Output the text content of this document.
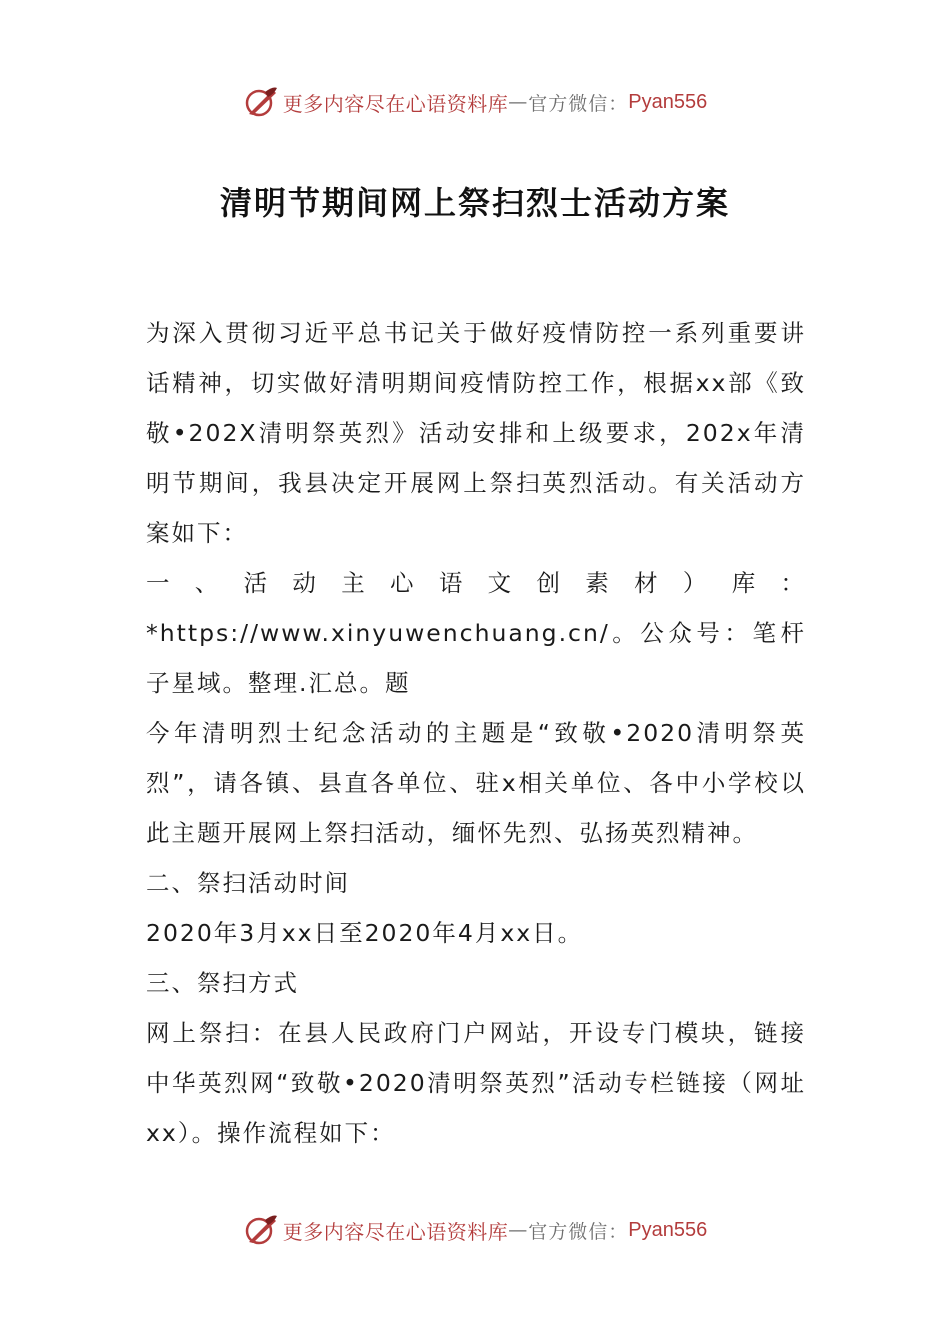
更多内容尽在心语资料库 — 官方微信： Pyan556
清明节期间网上祭扫烈士活动方案

为深入贯彻习近平总书记关于做好疫情防控一系列重要讲话精神，切实做好清明期间疫情防控工作，根据xx部《致敬•202X清明祭英烈》活动安排和上级要求，202x年清明节期间，我县决定开展网上祭扫英烈活动。有关活动方案如下：

一、活动主心语文创素材）库：*https://www.xinyuwenchuang.cn/。公众号：笔杆子星域。整理.汇总。题

今年清明烈士纪念活动的主题是“致敬•2020清明祭英烈”，请各镇、县直各单位、驻x相关单位、各中小学校以此主题开展网上祭扫活动，缅怀先烈、弘扬英烈精神。

二、祭扫活动时间

2020年3月xx日至2020年4月xx日。

三、祭扫方式

网上祭扫：在县人民政府门户网站，开设专门模块，链接中华英烈网“致敬•2020清明祭英烈”活动专栏链接（网址xx）。操作流程如下：

更多内容尽在心语资料库 — 官方微信： Pyan556
